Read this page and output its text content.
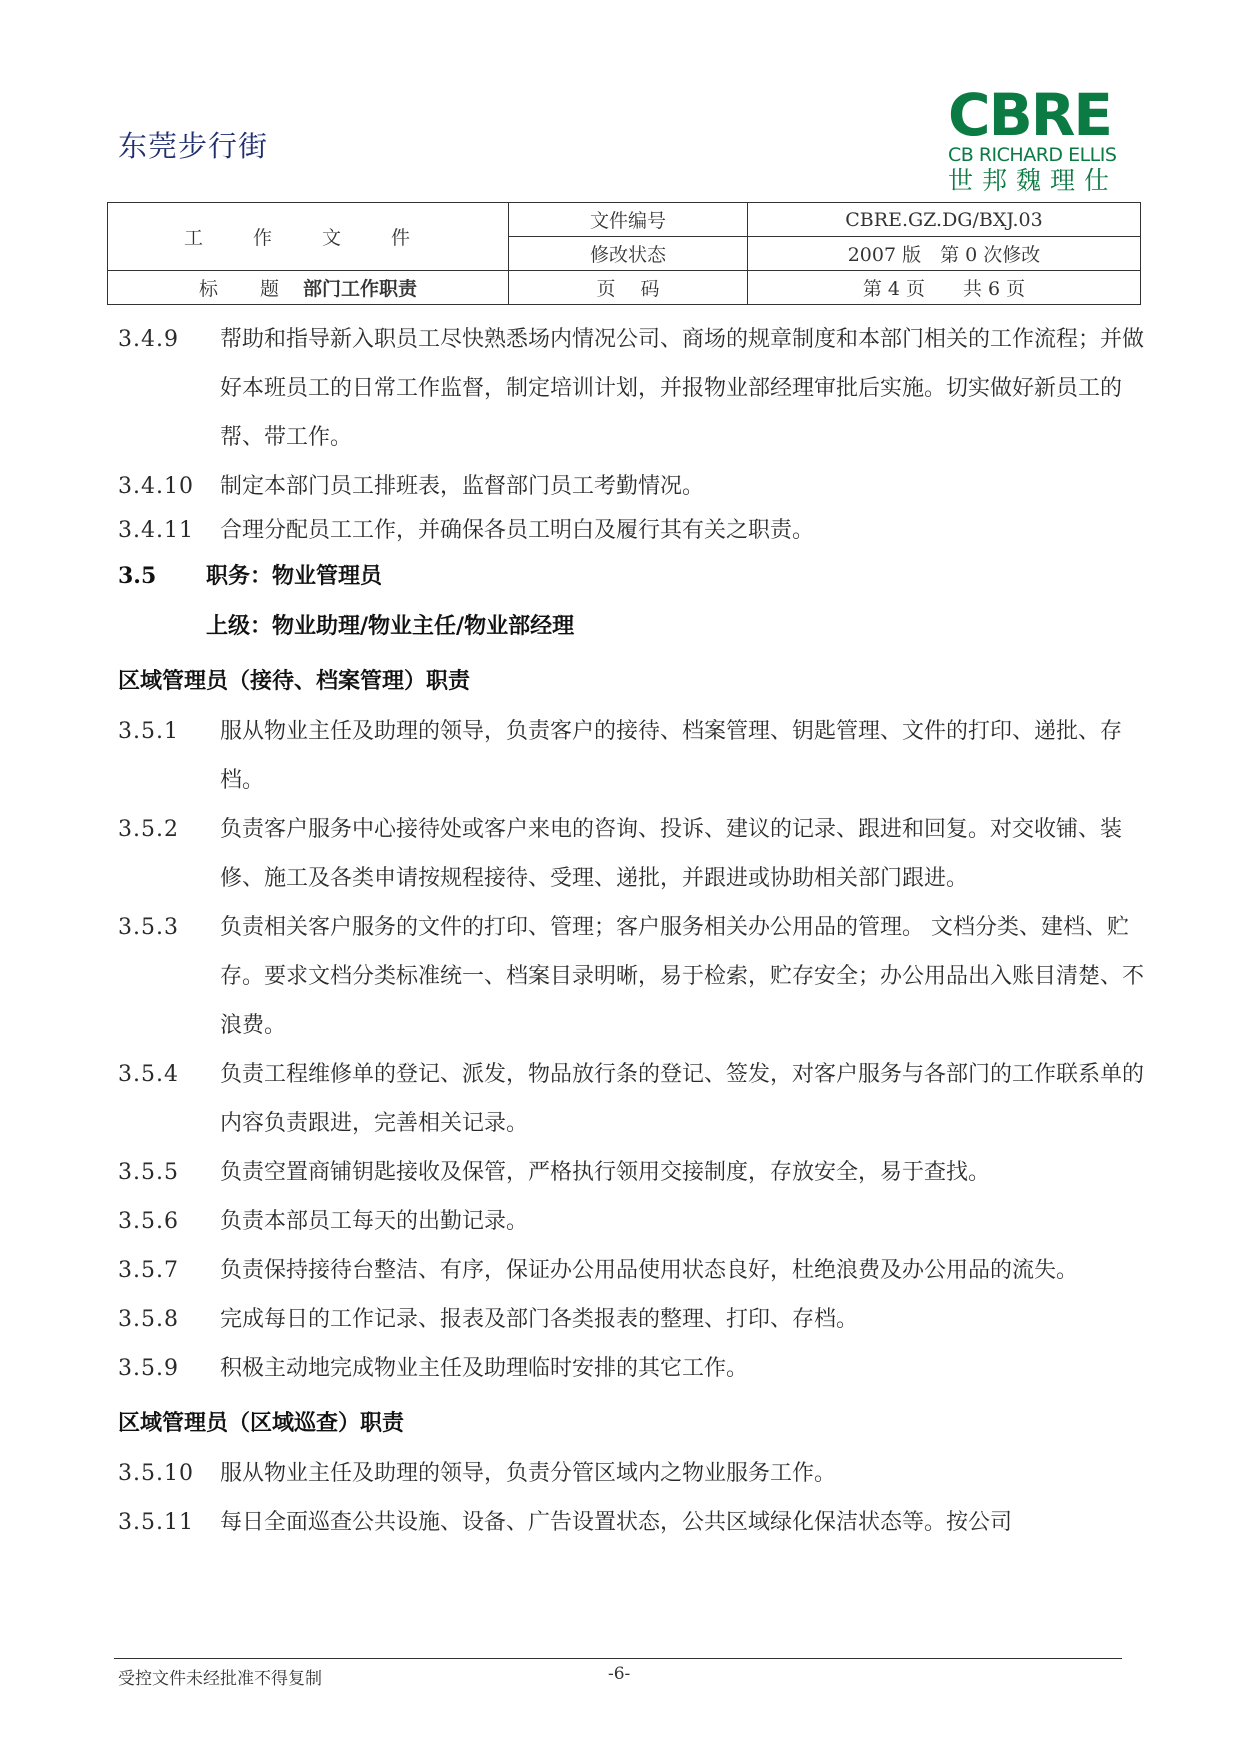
东莞步行街	CBRE
CB RICHARD ELLIS
世邦魏理仕
工 作 文 件	文件编号	CBRE.GZ.DG/BXJ.03
	修改状态	2007 版　第 0 次修改
标 题 部门工作职责	页　 码	第 4 页　　共 6 页
3.4.9	帮助和指导新入职员工尽快熟悉场内情况公司、商场的规章制度和本部门相关的工作流程；并做好本班员工的日常工作监督，制定培训计划，并报物业部经理审批后实施。切实做好新员工的帮、带工作。
3.4.10	制定本部门员工排班表，监督部门员工考勤情况。
3.4.11	合理分配员工工作，并确保各员工明白及履行其有关之职责。
3.5 职务：物业管理员
上级：物业助理/物业主任/物业部经理
区域管理员（接待、档案管理）职责
3.5.1	服从物业主任及助理的领导，负责客户的接待、档案管理、钥匙管理、文件的打印、递批、存档。
3.5.2	负责客户服务中心接待处或客户来电的咨询、投诉、建议的记录、跟进和回复。对交收铺、装修、施工及各类申请按规程接待、受理、递批，并跟进或协助相关部门跟进。
3.5.3	负责相关客户服务的文件的打印、管理；客户服务相关办公用品的管理。 文档分类、建档、贮存。要求文档分类标准统一、档案目录明晰，易于检索，贮存安全；办公用品出入账目清楚、不浪费。
3.5.4	负责工程维修单的登记、派发，物品放行条的登记、签发，对客户服务与各部门的工作联系单的内容负责跟进，完善相关记录。
3.5.5	负责空置商铺钥匙接收及保管，严格执行领用交接制度，存放安全，易于查找。
3.5.6	负责本部员工每天的出勤记录。
3.5.7	负责保持接待台整洁、有序，保证办公用品使用状态良好，杜绝浪费及办公用品的流失。
3.5.8	完成每日的工作记录、报表及部门各类报表的整理、打印、存档。
3.5.9	积极主动地完成物业主任及助理临时安排的其它工作。
区域管理员（区域巡查）职责
3.5.10	服从物业主任及助理的领导，负责分管区域内之物业服务工作。
3.5.11	每日全面巡查公共设施、设备、广告设置状态，公共区域绿化保洁状态等。按公司
受控文件未经批准不得复制	-6-
